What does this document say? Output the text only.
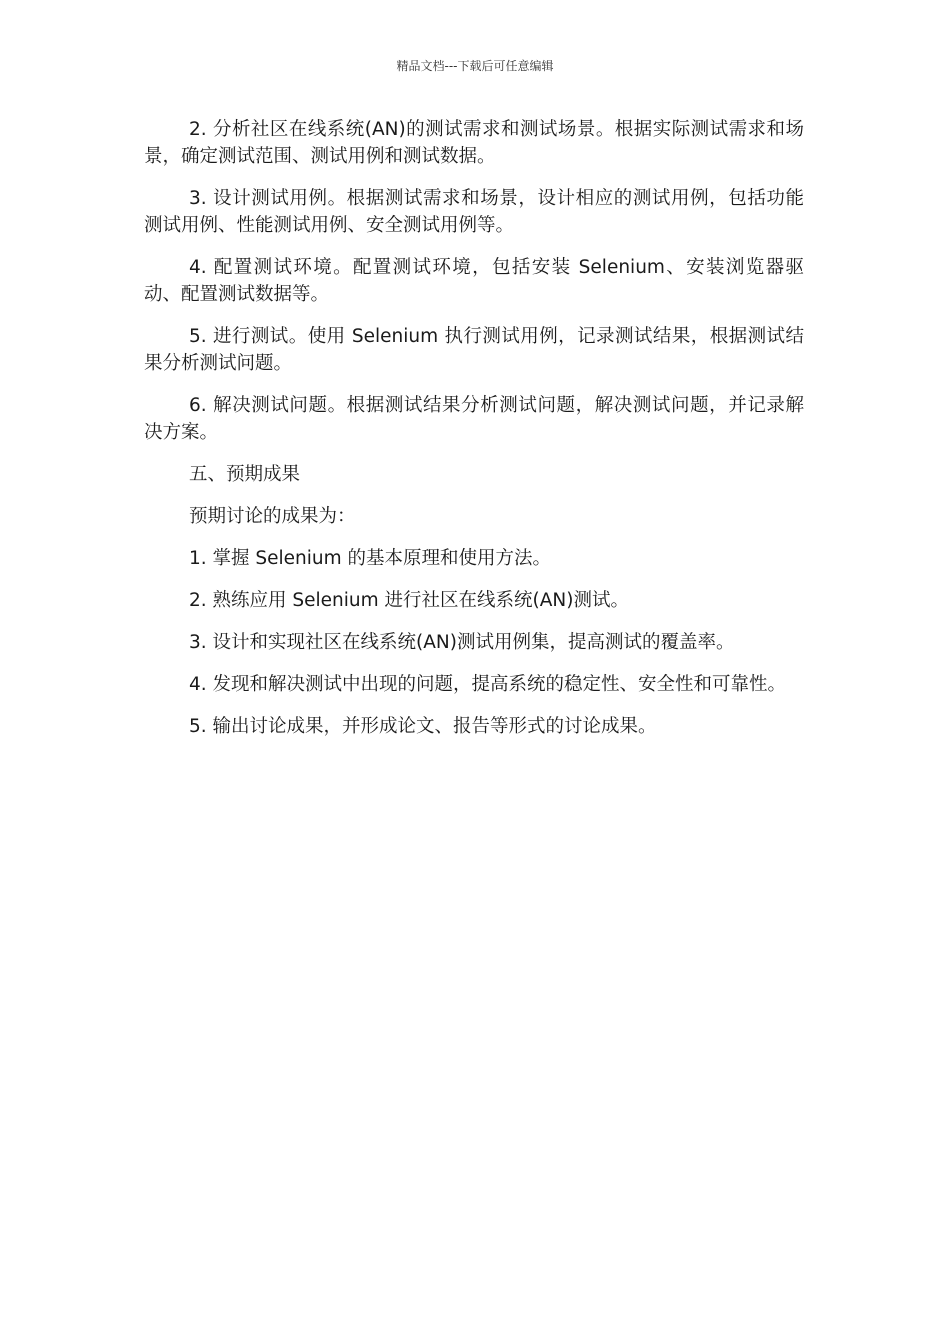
精品文档---下载后可任意编辑

2. 分析社区在线系统(AN)的测试需求和测试场景。根据实际测试需求和场景，确定测试范围、测试用例和测试数据。

3. 设计测试用例。根据测试需求和场景，设计相应的测试用例，包括功能测试用例、性能测试用例、安全测试用例等。

4. 配置测试环境。配置测试环境，包括安装 Selenium、安装浏览器驱动、配置测试数据等。

5. 进行测试。使用 Selenium 执行测试用例，记录测试结果，根据测试结果分析测试问题。

6. 解决测试问题。根据测试结果分析测试问题，解决测试问题，并记录解决方案。

五、预期成果

预期讨论的成果为：

1. 掌握 Selenium 的基本原理和使用方法。

2. 熟练应用 Selenium 进行社区在线系统(AN)测试。

3. 设计和实现社区在线系统(AN)测试用例集，提高测试的覆盖率。

4. 发现和解决测试中出现的问题，提高系统的稳定性、安全性和可靠性。

5. 输出讨论成果，并形成论文、报告等形式的讨论成果。
